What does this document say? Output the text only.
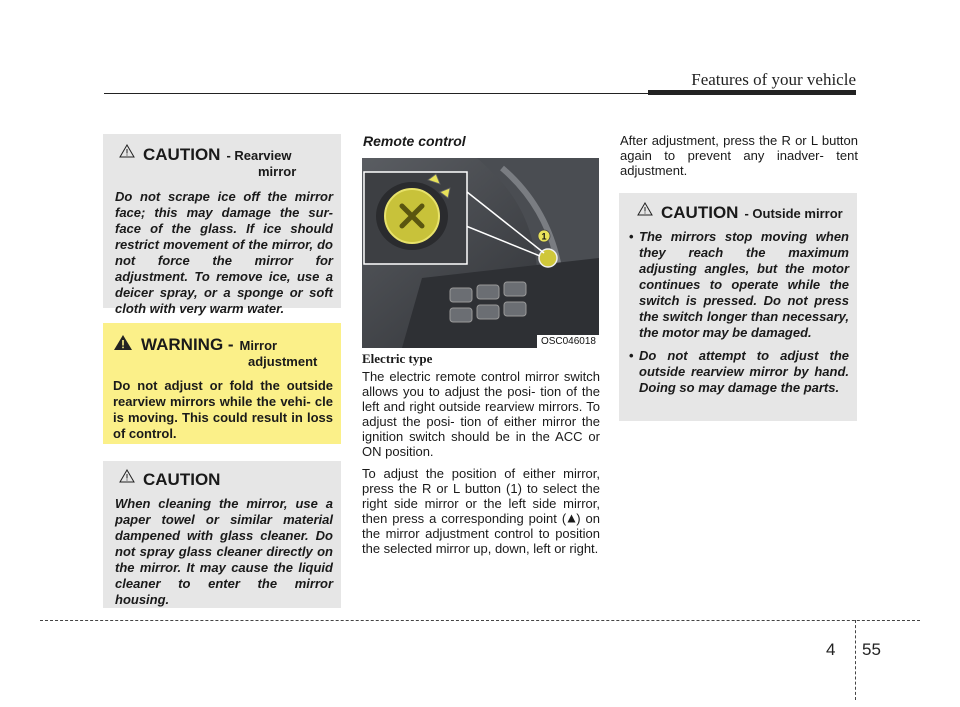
Features of your vehicle
CAUTION - Rearview
mirror
Do not scrape ice off the mirror face; this may damage the sur- face of the glass. If ice should restrict movement of the mirror, do not force the mirror for adjustment. To remove ice, use a deicer spray, or a sponge or soft cloth with very warm water.
WARNING - Mirror
adjustment
Do not adjust or fold the outside rearview mirrors while the vehi- cle is moving. This could result in loss of control.
CAUTION
When cleaning the mirror, use a paper towel or similar material dampened with glass cleaner. Do not spray glass cleaner directly on the mirror. It may cause the liquid cleaner to enter the mirror housing.
Remote control
1
OSC046018
Electric type
The electric remote control mirror switch allows you to adjust the posi- tion of the left and right outside rearview mirrors. To adjust the posi- tion of either mirror the ignition switch should be in the ACC or ON position.
To adjust the position of either mirror, press the R or L button (1) to select the right side mirror or the left side mirror, then press a corresponding point ( ) on the mirror adjustment control to position the selected mirror up, down, left or right.
After adjustment, press the R or L button again to prevent any inadver- tent adjustment.
CAUTION - Outside mirror
• The mirrors stop moving when they reach the maximum adjusting angles, but the motor continues to operate while the switch is pressed. Do not press the switch longer than necessary, the motor may be damaged.
• Do not attempt to adjust the outside rearview mirror by hand. Doing so may damage the parts.
4 55
